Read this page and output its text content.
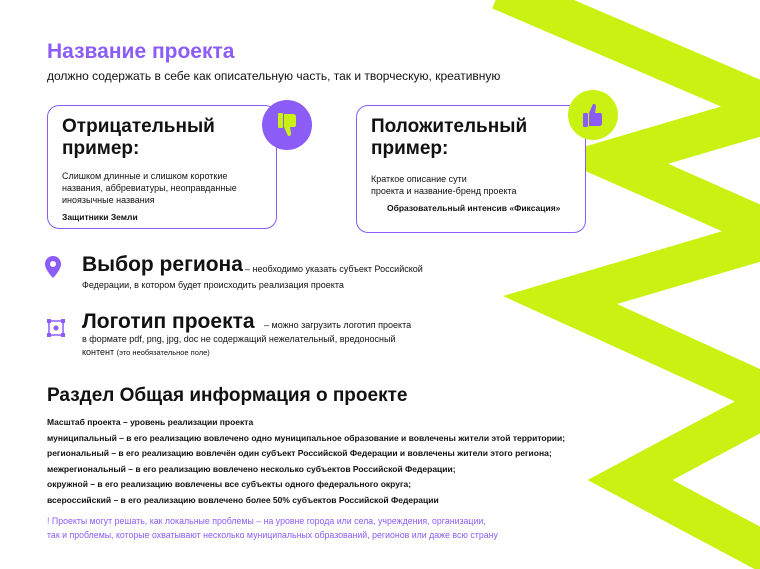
Название проекта
должно содержать в себе как описательную часть, так и творческую, креативную
Отрицательный
пример:
Слишком длинные и слишком короткие
названия, аббревиатуры, неоправданные
иноязычные названия
Защитники Земли
Положительный
пример:
Краткое описание сути
проекта и название-бренд проекта
Образовательный интенсив «Фиксация»
Выбор региона – необходимо указать субъект Российской
Федерации, в котором будет происходить реализация проекта
Логотип проекта – можно загрузить логотип проекта
в формате pdf, png, jpg, doc не содержащий нежелательный, вредоносный
контент (это необязательное поле)
Раздел Общая информация о проекте
Масштаб проекта – уровень реализации проекта
муниципальный – в его реализацию вовлечено одно муниципальное образование и вовлечены жители этой территории;
региональный – в его реализацию вовлечён один субъект Российской Федерации и вовлечены жители этого региона;
межрегиональный – в его реализацию вовлечено несколько субъектов Российской Федерации;
окружной – в его реализацию вовлечены все субъекты одного федерального округа;
всероссийский – в его реализацию вовлечено более 50% субъектов Российской Федерации
! Проекты могут решать, как локальные проблемы – на уровне города или села, учреждения, организации,
так и проблемы, которые охватывают несколько муниципальных образований, регионов или даже всю страну
